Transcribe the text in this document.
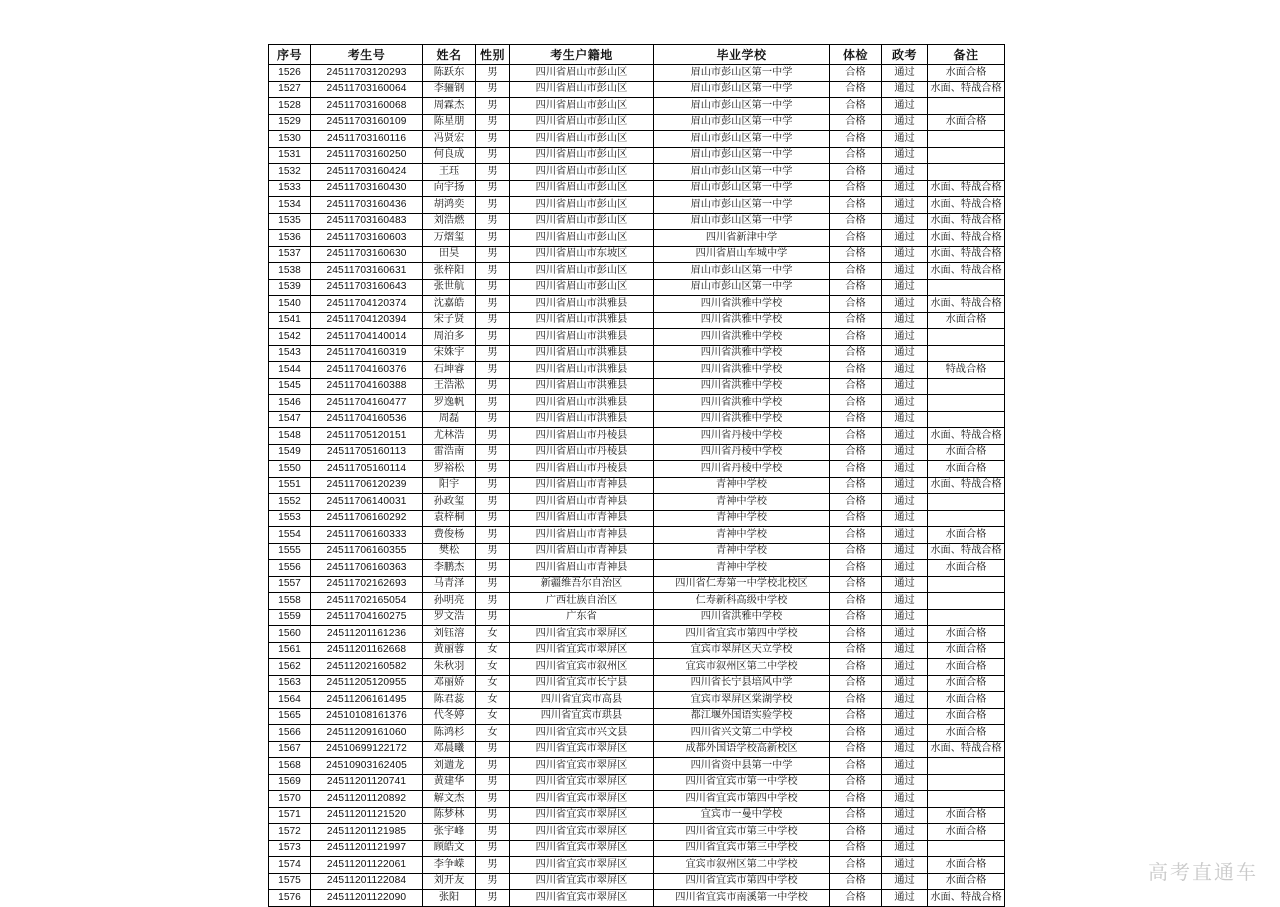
序号	考生号	姓名	性别	考生户籍地	毕业学校	体检	政考	备注
1526	24511703120293	陈跃东	男	四川省眉山市彭山区	眉山市彭山区第一中学	合格	通过	水面合格
1527	24511703160064	李骊钢	男	四川省眉山市彭山区	眉山市彭山区第一中学	合格	通过	水面、特战合格
1528	24511703160068	周霖杰	男	四川省眉山市彭山区	眉山市彭山区第一中学	合格	通过	
1529	24511703160109	陈星朋	男	四川省眉山市彭山区	眉山市彭山区第一中学	合格	通过	水面合格
1530	24511703160116	冯贤宏	男	四川省眉山市彭山区	眉山市彭山区第一中学	合格	通过	
1531	24511703160250	何良成	男	四川省眉山市彭山区	眉山市彭山区第一中学	合格	通过	
1532	24511703160424	王珏	男	四川省眉山市彭山区	眉山市彭山区第一中学	合格	通过	
1533	24511703160430	向宇扬	男	四川省眉山市彭山区	眉山市彭山区第一中学	合格	通过	水面、特战合格
1534	24511703160436	胡鸿奕	男	四川省眉山市彭山区	眉山市彭山区第一中学	合格	通过	水面、特战合格
1535	24511703160483	刘浩燃	男	四川省眉山市彭山区	眉山市彭山区第一中学	合格	通过	水面、特战合格
1536	24511703160603	万熠玺	男	四川省眉山市彭山区	四川省新津中学	合格	通过	水面、特战合格
1537	24511703160630	田昊	男	四川省眉山市东坡区	四川省眉山车城中学	合格	通过	水面、特战合格
1538	24511703160631	张梓阳	男	四川省眉山市彭山区	眉山市彭山区第一中学	合格	通过	水面、特战合格
1539	24511703160643	张世航	男	四川省眉山市彭山区	眉山市彭山区第一中学	合格	通过	
1540	24511704120374	沈嘉皓	男	四川省眉山市洪雅县	四川省洪雅中学校	合格	通过	水面、特战合格
1541	24511704120394	宋子贤	男	四川省眉山市洪雅县	四川省洪雅中学校	合格	通过	水面合格
1542	24511704140014	周泊多	男	四川省眉山市洪雅县	四川省洪雅中学校	合格	通过	
1543	24511704160319	宋姝宇	男	四川省眉山市洪雅县	四川省洪雅中学校	合格	通过	
1544	24511704160376	石坤睿	男	四川省眉山市洪雅县	四川省洪雅中学校	合格	通过	特战合格
1545	24511704160388	王浩淞	男	四川省眉山市洪雅县	四川省洪雅中学校	合格	通过	
1546	24511704160477	罗逸帆	男	四川省眉山市洪雅县	四川省洪雅中学校	合格	通过	
1547	24511704160536	周磊	男	四川省眉山市洪雅县	四川省洪雅中学校	合格	通过	
1548	24511705120151	尤林浩	男	四川省眉山市丹棱县	四川省丹棱中学校	合格	通过	水面、特战合格
1549	24511705160113	雷浩南	男	四川省眉山市丹棱县	四川省丹棱中学校	合格	通过	水面合格
1550	24511705160114	罗裕松	男	四川省眉山市丹棱县	四川省丹棱中学校	合格	通过	水面合格
1551	24511706120239	阳宇	男	四川省眉山市青神县	青神中学校	合格	通过	水面、特战合格
1552	24511706140031	孙政玺	男	四川省眉山市青神县	青神中学校	合格	通过	
1553	24511706160292	袁梓桐	男	四川省眉山市青神县	青神中学校	合格	通过	
1554	24511706160333	费俊杨	男	四川省眉山市青神县	青神中学校	合格	通过	水面合格
1555	24511706160355	樊松	男	四川省眉山市青神县	青神中学校	合格	通过	水面、特战合格
1556	24511706160363	李鹏杰	男	四川省眉山市青神县	青神中学校	合格	通过	水面合格
1557	24511702162693	马青泽	男	新疆维吾尔自治区	四川省仁寿第一中学校北校区	合格	通过	
1558	24511702165054	孙明亮	男	广西壮族自治区	仁寿新科高级中学校	合格	通过	
1559	24511704160275	罗文浩	男	广东省	四川省洪雅中学校	合格	通过	
1560	24511201161236	刘钰溶	女	四川省宜宾市翠屏区	四川省宜宾市第四中学校	合格	通过	水面合格
1561	24511201162668	黄丽蓉	女	四川省宜宾市翠屏区	宜宾市翠屏区天立学校	合格	通过	水面合格
1562	24511202160582	朱秋羽	女	四川省宜宾市叙州区	宜宾市叙州区第二中学校	合格	通过	水面合格
1563	24511205120955	邓丽娇	女	四川省宜宾市长宁县	四川省长宁县培风中学	合格	通过	水面合格
1564	24511206161495	陈君蕊	女	四川省宜宾市高县	宜宾市翠屏区棠湖学校	合格	通过	水面合格
1565	24510108161376	代冬婷	女	四川省宜宾市珙县	都江堰外国语实验学校	合格	通过	水面合格
1566	24511209161060	陈鸿杉	女	四川省宜宾市兴文县	四川省兴文第二中学校	合格	通过	水面合格
1567	24510699122172	邓晨曦	男	四川省宜宾市翠屏区	成都外国语学校高新校区	合格	通过	水面、特战合格
1568	24510903162405	刘遄龙	男	四川省宜宾市翠屏区	四川省资中县第一中学	合格	通过	
1569	24511201120741	黄建华	男	四川省宜宾市翠屏区	四川省宜宾市第一中学校	合格	通过	
1570	24511201120892	解文杰	男	四川省宜宾市翠屏区	四川省宜宾市第四中学校	合格	通过	
1571	24511201121520	陈梦林	男	四川省宜宾市翠屏区	宜宾市一曼中学校	合格	通过	水面合格
1572	24511201121985	张宇峰	男	四川省宜宾市翠屏区	四川省宜宾市第三中学校	合格	通过	水面合格
1573	24511201121997	顾皓文	男	四川省宜宾市翠屏区	四川省宜宾市第三中学校	合格	通过	
1574	24511201122061	李争嵘	男	四川省宜宾市翠屏区	宜宾市叙州区第二中学校	合格	通过	水面合格
1575	24511201122084	刘开友	男	四川省宜宾市翠屏区	四川省宜宾市第四中学校	合格	通过	水面合格
1576	24511201122090	张阳	男	四川省宜宾市翠屏区	四川省宜宾市南溪第一中学校	合格	通过	水面、特战合格
高考直通车
